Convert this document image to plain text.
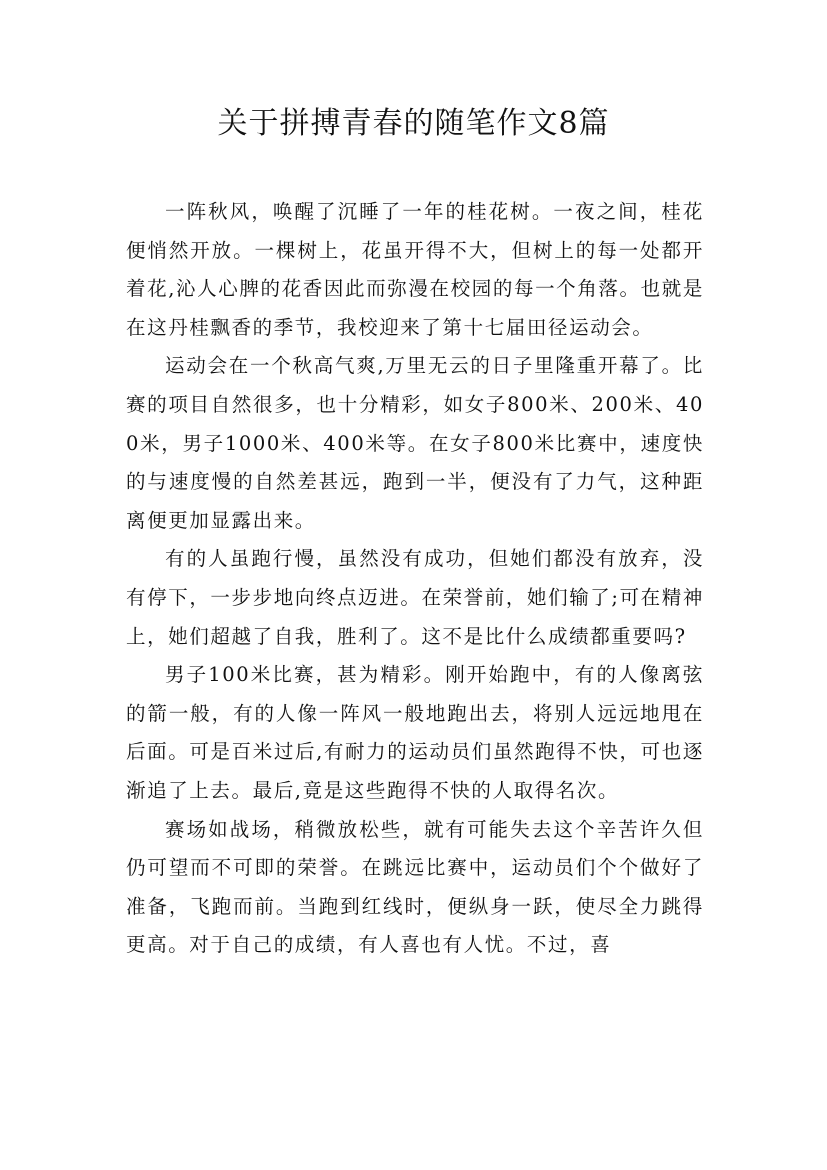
关于拼搏青春的随笔作文8篇

一阵秋风，唤醒了沉睡了一年的桂花树。一夜之间，桂花便悄然开放。一棵树上，花虽开得不大，但树上的每一处都开着花,沁人心脾的花香因此而弥漫在校园的每一个角落。也就是在这丹桂飘香的季节，我校迎来了第十七届田径运动会。

运动会在一个秋高气爽,万里无云的日子里隆重开幕了。比赛的项目自然很多，也十分精彩，如女子800米、200米、400米，男子1000米、400米等。在女子800米比赛中，速度快的与速度慢的自然差甚远，跑到一半，便没有了力气，这种距离便更加显露出来。

有的人虽跑行慢，虽然没有成功，但她们都没有放弃，没有停下，一步步地向终点迈进。在荣誉前，她们输了;可在精神上，她们超越了自我，胜利了。这不是比什么成绩都重要吗?

男子100米比赛，甚为精彩。刚开始跑中，有的人像离弦的箭一般，有的人像一阵风一般地跑出去，将别人远远地甩在后面。可是百米过后,有耐力的运动员们虽然跑得不快，可也逐渐追了上去。最后,竟是这些跑得不快的人取得名次。

赛场如战场，稍微放松些，就有可能失去这个辛苦许久但仍可望而不可即的荣誉。在跳远比赛中，运动员们个个做好了准备，飞跑而前。当跑到红线时，便纵身一跃，使尽全力跳得更高。对于自己的成绩，有人喜也有人忧。不过，喜
